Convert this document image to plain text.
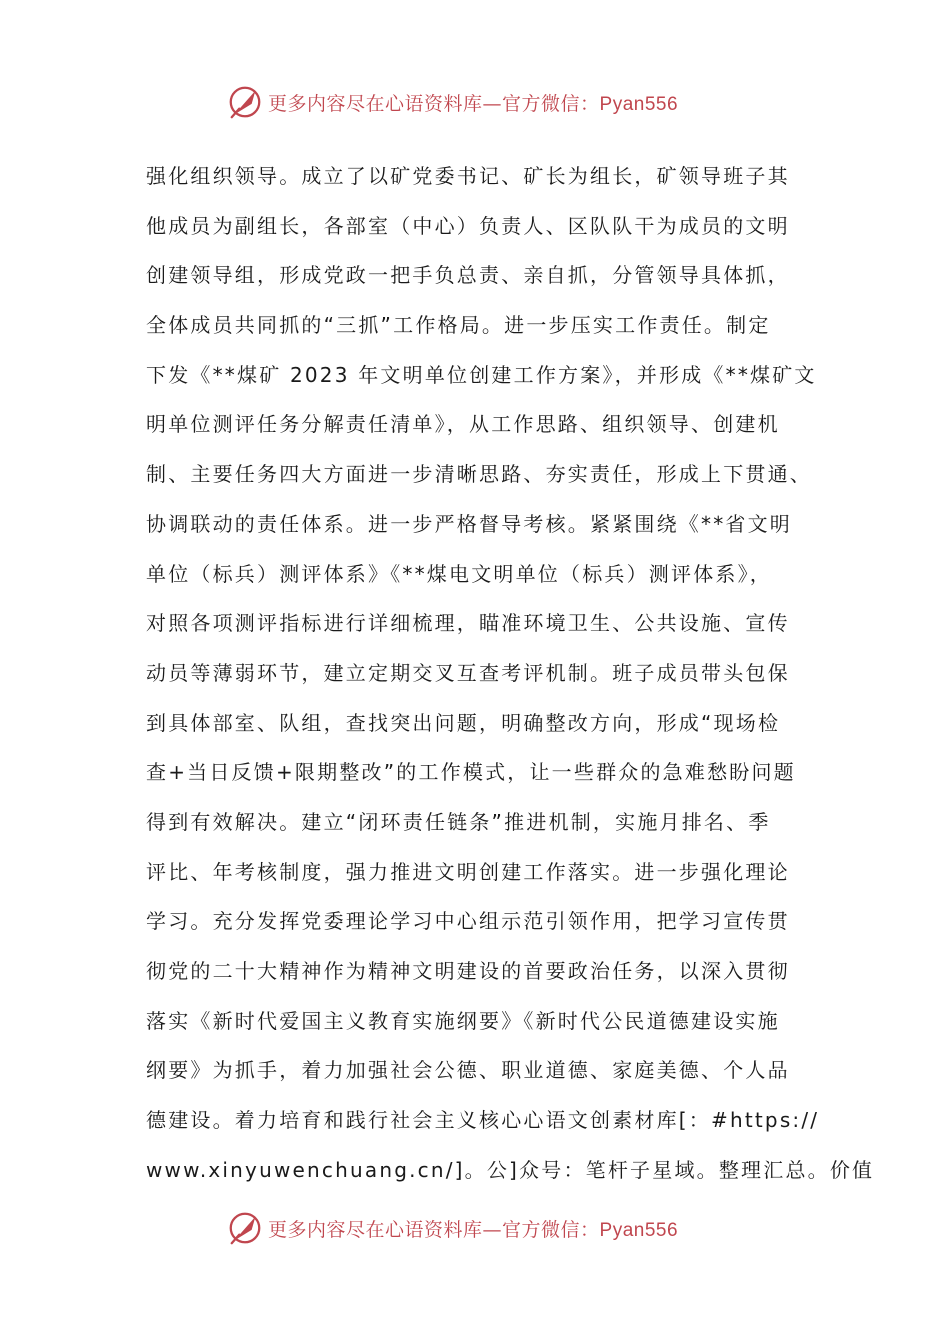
更多内容尽在心语资料库—官方微信：Pyan556
强化组织领导。成立了以矿党委书记、矿长为组长，矿领导班子其
他成员为副组长，各部室（中心）负责人、区队队干为成员的文明
创建领导组，形成党政一把手负总责、亲自抓，分管领导具体抓，
全体成员共同抓的“三抓”工作格局。进一步压实工作责任。制定
下发《**煤矿 2023 年文明单位创建工作方案》，并形成《**煤矿文
明单位测评任务分解责任清单》，从工作思路、组织领导、创建机
制、主要任务四大方面进一步清晰思路、夯实责任，形成上下贯通、
协调联动的责任体系。进一步严格督导考核。紧紧围绕《**省文明
单位（标兵）测评体系》《**煤电文明单位（标兵）测评体系》，
对照各项测评指标进行详细梳理，瞄准环境卫生、公共设施、宣传
动员等薄弱环节，建立定期交叉互查考评机制。班子成员带头包保
到具体部室、队组，查找突出问题，明确整改方向，形成“现场检
查+当日反馈+限期整改”的工作模式，让一些群众的急难愁盼问题
得到有效解决。建立“闭环责任链条”推进机制，实施月排名、季
评比、年考核制度，强力推进文明创建工作落实。进一步强化理论
学习。充分发挥党委理论学习中心组示范引领作用，把学习宣传贯
彻党的二十大精神作为精神文明建设的首要政治任务，以深入贯彻
落实《新时代爱国主义教育实施纲要》《新时代公民道德建设实施
纲要》为抓手，着力加强社会公德、职业道德、家庭美德、个人品
德建设。着力培育和践行社会主义核心心语文创素材库[：#https://
www.xinyuwenchuang.cn/]。公]众号：笔杆子星域。整理汇总。价值
更多内容尽在心语资料库—官方微信：Pyan556
